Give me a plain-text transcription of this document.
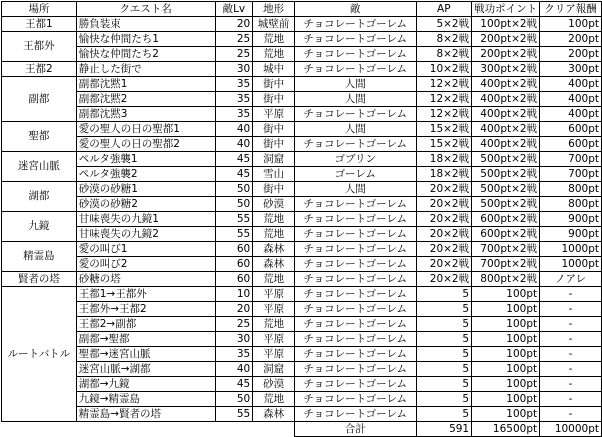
場所	クエスト名	敵Lv	地形	敵	AP	戦功ポイント	クリア報酬
王都1	勝負装束	20	城壁前	チョコレートゴーレム	5×2戦	100pt×2戦	100pt
王都外	愉快な仲間たち1	25	荒地	チョコレートゴーレム	8×2戦	200pt×2戦	200pt
	愉快な仲間たち2	25	荒地	チョコレートゴーレム	8×2戦	200pt×2戦	200pt
王都2	静止した街で	30	城中	チョコレートゴーレム	10×2戦	300pt×2戦	300pt
副都	副都沈黙1	35	街中	人間	12×2戦	400pt×2戦	400pt
	副都沈黙2	35	街中	人間	12×2戦	400pt×2戦	400pt
	副都沈黙3	35	平原	チョコレートゴーレム	12×2戦	400pt×2戦	400pt
聖都	愛の聖人の日の聖都1	40	街中	人間	15×2戦	400pt×2戦	600pt
	愛の聖人の日の聖都2	40	街中	チョコレートゴーレム	15×2戦	400pt×2戦	600pt
迷宮山脈	ペルタ強襲1	45	洞窟	ゴブリン	18×2戦	500pt×2戦	700pt
	ペルタ強襲2	45	雪山	ゴーレム	18×2戦	500pt×2戦	700pt
湖都	砂漠の砂糖1	50	街中	人間	20×2戦	500pt×2戦	800pt
	砂漠の砂糖2	50	砂漠	チョコレートゴーレム	20×2戦	500pt×2戦	800pt
九鏡	甘味喪失の九鏡1	55	荒地	チョコレートゴーレム	20×2戦	600pt×2戦	900pt
	甘味喪失の九鏡2	55	荒地	チョコレートゴーレム	20×2戦	600pt×2戦	900pt
精霊島	愛の叫び1	60	森林	チョコレートゴーレム	20×2戦	700pt×2戦	1000pt
	愛の叫び2	60	森林	チョコレートゴーレム	20×2戦	700pt×2戦	1000pt
賢者の塔	砂糖の塔	60	荒地	チョコレートゴーレム	20×2戦	800pt×2戦	ノアレ
ルートバトル	王都1→王都外	10	平原	チョコレートゴーレム	5	100pt	-
	王都外→王都2	20	平原	チョコレートゴーレム	5	100pt	-
	王都2→副都	25	荒地	チョコレートゴーレム	5	100pt	-
	副都→聖都	30	平原	チョコレートゴーレム	5	100pt	-
	聖都→迷宮山脈	35	平原	チョコレートゴーレム	5	100pt	-
	迷宮山脈→湖都	40	洞窟	チョコレートゴーレム	5	100pt	-
	湖都→九鏡	45	砂漠	チョコレートゴーレム	5	100pt	-
	九鏡→精霊島	50	荒地	チョコレートゴーレム	5	100pt	-
	精霊島→賢者の塔	55	森林	チョコレートゴーレム	5	100pt	-
				合計	591	16500pt	10000pt
